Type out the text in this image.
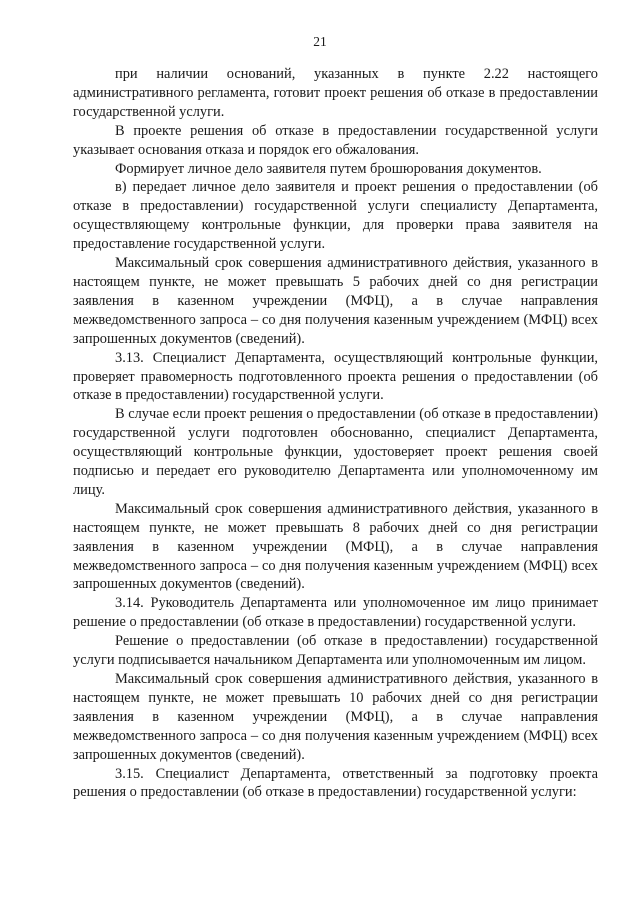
21

при наличии оснований, указанных в пункте 2.22 настоящего административного регламента, готовит проект решения об отказе в предоставлении государственной услуги.

В проекте решения об отказе в предоставлении государственной услуги указывает основания отказа и порядок его обжалования.

Формирует личное дело заявителя путем брошюрования документов.

в) передает личное дело заявителя и проект решения о предоставлении (об отказе в предоставлении) государственной услуги специалисту Департамента, осуществляющему контрольные функции, для проверки права заявителя на предоставление государственной услуги.

Максимальный срок совершения административного действия, указанного в настоящем пункте, не может превышать 5 рабочих дней со дня регистрации заявления в казенном учреждении (МФЦ), а в случае направления межведомственного запроса – со дня получения казенным учреждением (МФЦ) всех запрошенных документов (сведений).

3.13. Специалист Департамента, осуществляющий контрольные функции, проверяет правомерность подготовленного проекта решения о предоставлении (об отказе в предоставлении) государственной услуги.

В случае если проект решения о предоставлении (об отказе в предоставлении) государственной услуги подготовлен обоснованно, специалист Департамента, осуществляющий контрольные функции, удостоверяет проект решения своей подписью и передает его руководителю Департамента или уполномоченному им лицу.

Максимальный срок совершения административного действия, указанного в настоящем пункте, не может превышать 8 рабочих дней со дня регистрации заявления в казенном учреждении (МФЦ), а в случае направления межведомственного запроса – со дня получения казенным учреждением (МФЦ) всех запрошенных документов (сведений).

3.14. Руководитель Департамента или уполномоченное им лицо принимает решение о предоставлении (об отказе в предоставлении) государственной услуги.

Решение о предоставлении (об отказе в предоставлении) государственной услуги подписывается начальником Департамента или уполномоченным им лицом.

Максимальный срок совершения административного действия, указанного в настоящем пункте, не может превышать 10 рабочих дней со дня регистрации заявления в казенном учреждении (МФЦ), а в случае направления межведомственного запроса – со дня получения казенным учреждением (МФЦ) всех запрошенных документов (сведений).

3.15. Специалист Департамента, ответственный за подготовку проекта решения о предоставлении (об отказе в предоставлении) государственной услуги:
